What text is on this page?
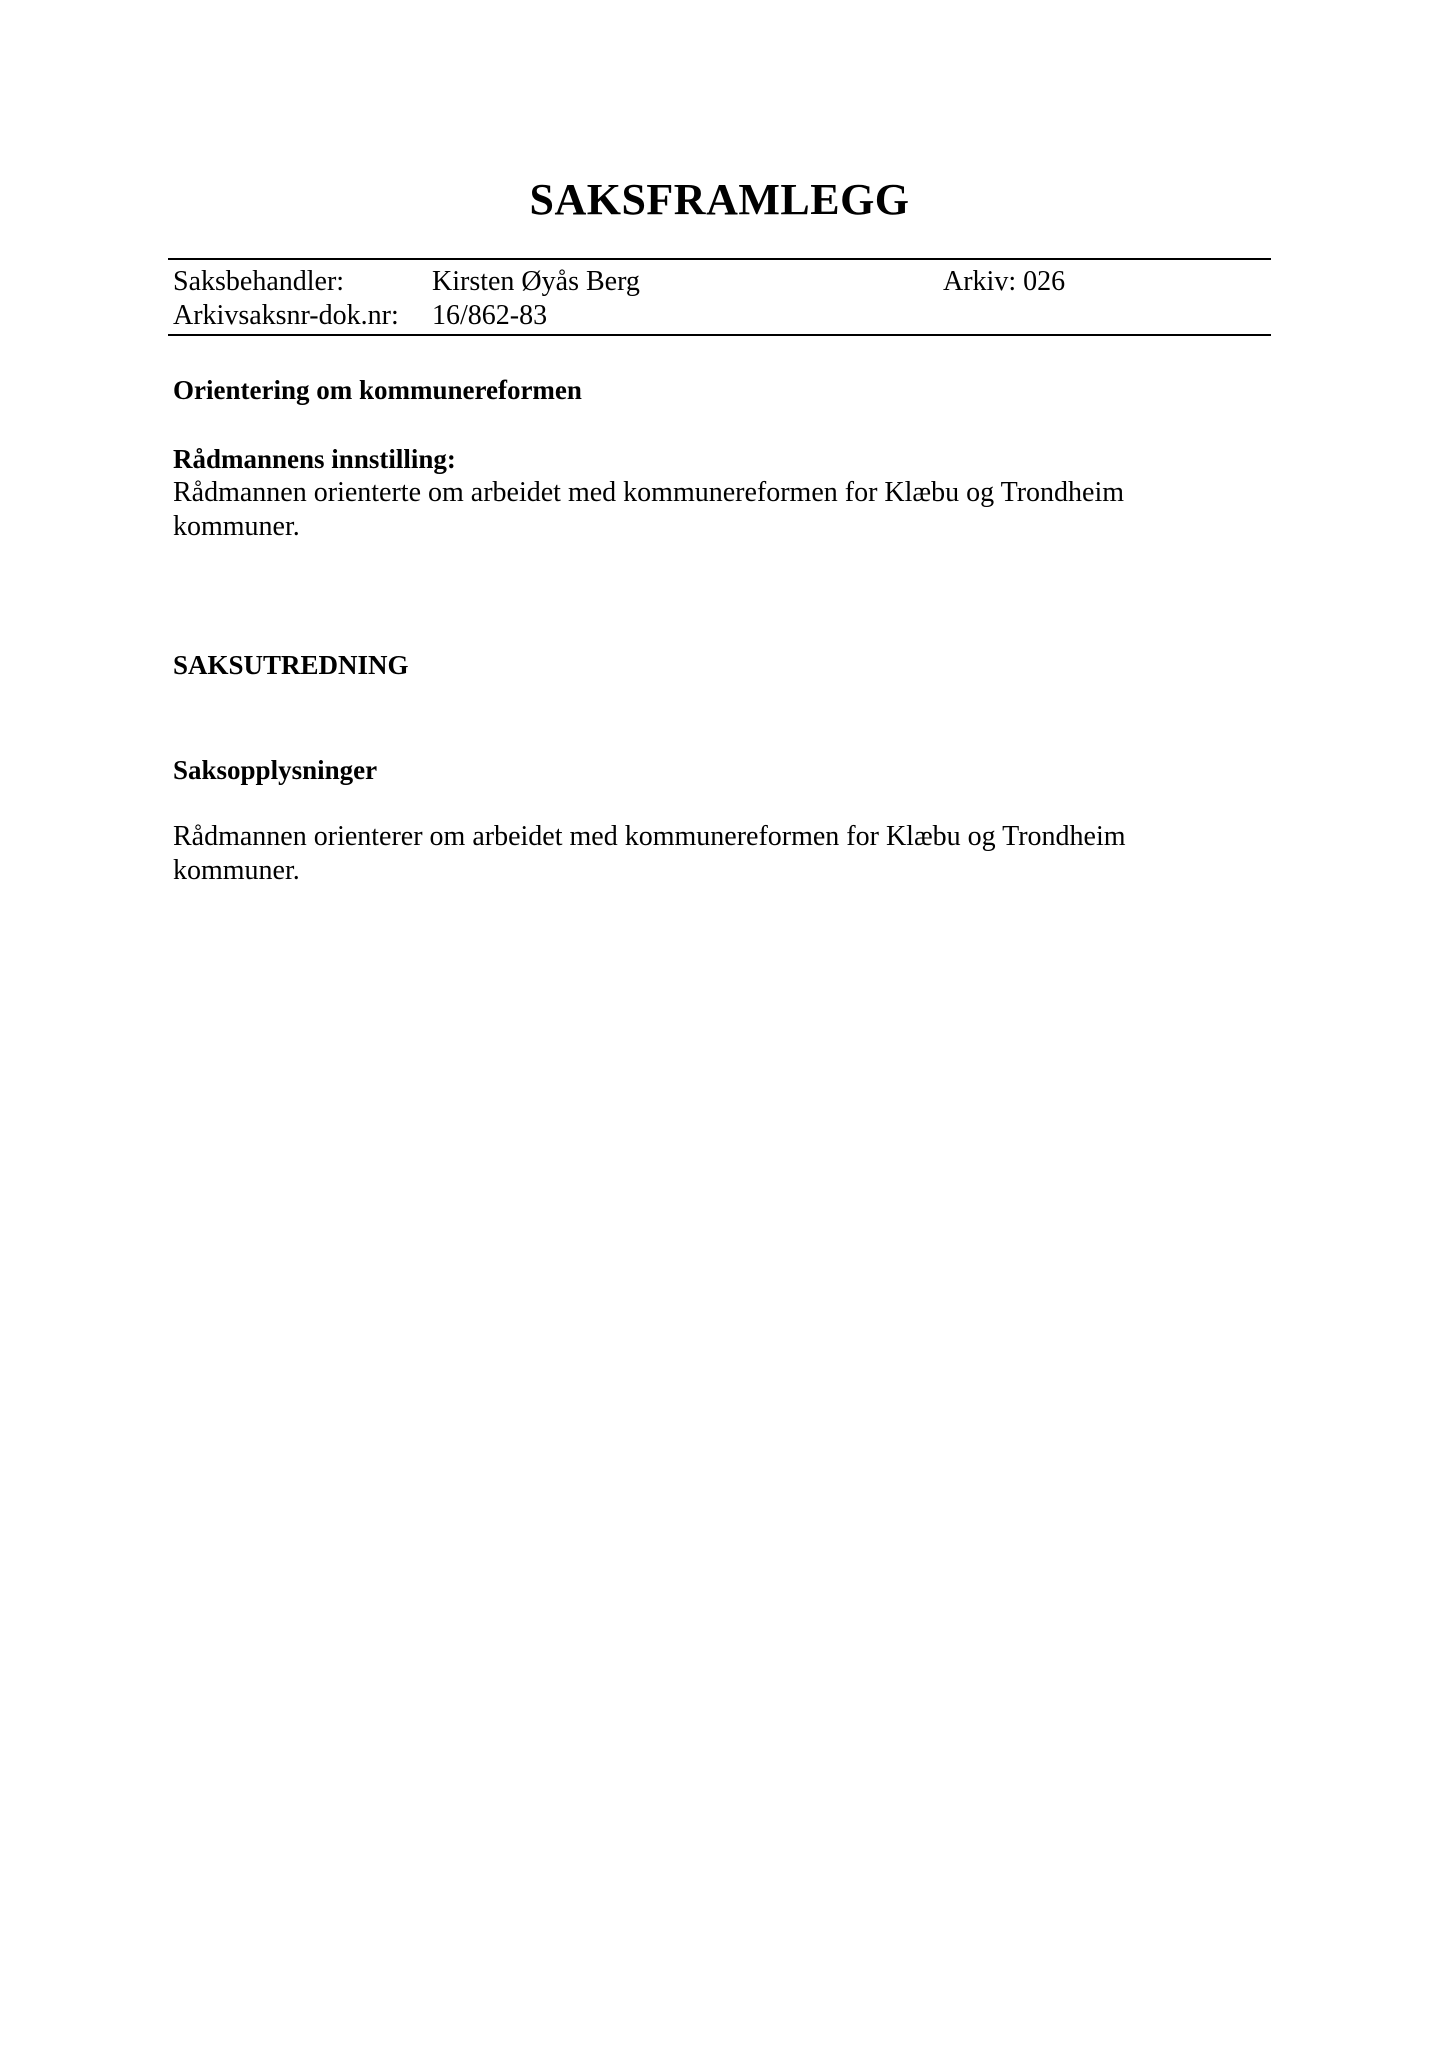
SAKSFRAMLEGG
Saksbehandler:	Kirsten Øyås Berg	Arkiv: 026
Arkivsaksnr-dok.nr: 16/862-83
Orientering om kommunereformen
Rådmannens innstilling:
Rådmannen orienterte om arbeidet med kommunereformen for Klæbu og Trondheim kommuner.
SAKSUTREDNING
Saksopplysninger
Rådmannen orienterer om arbeidet med kommunereformen for Klæbu og Trondheim kommuner.
